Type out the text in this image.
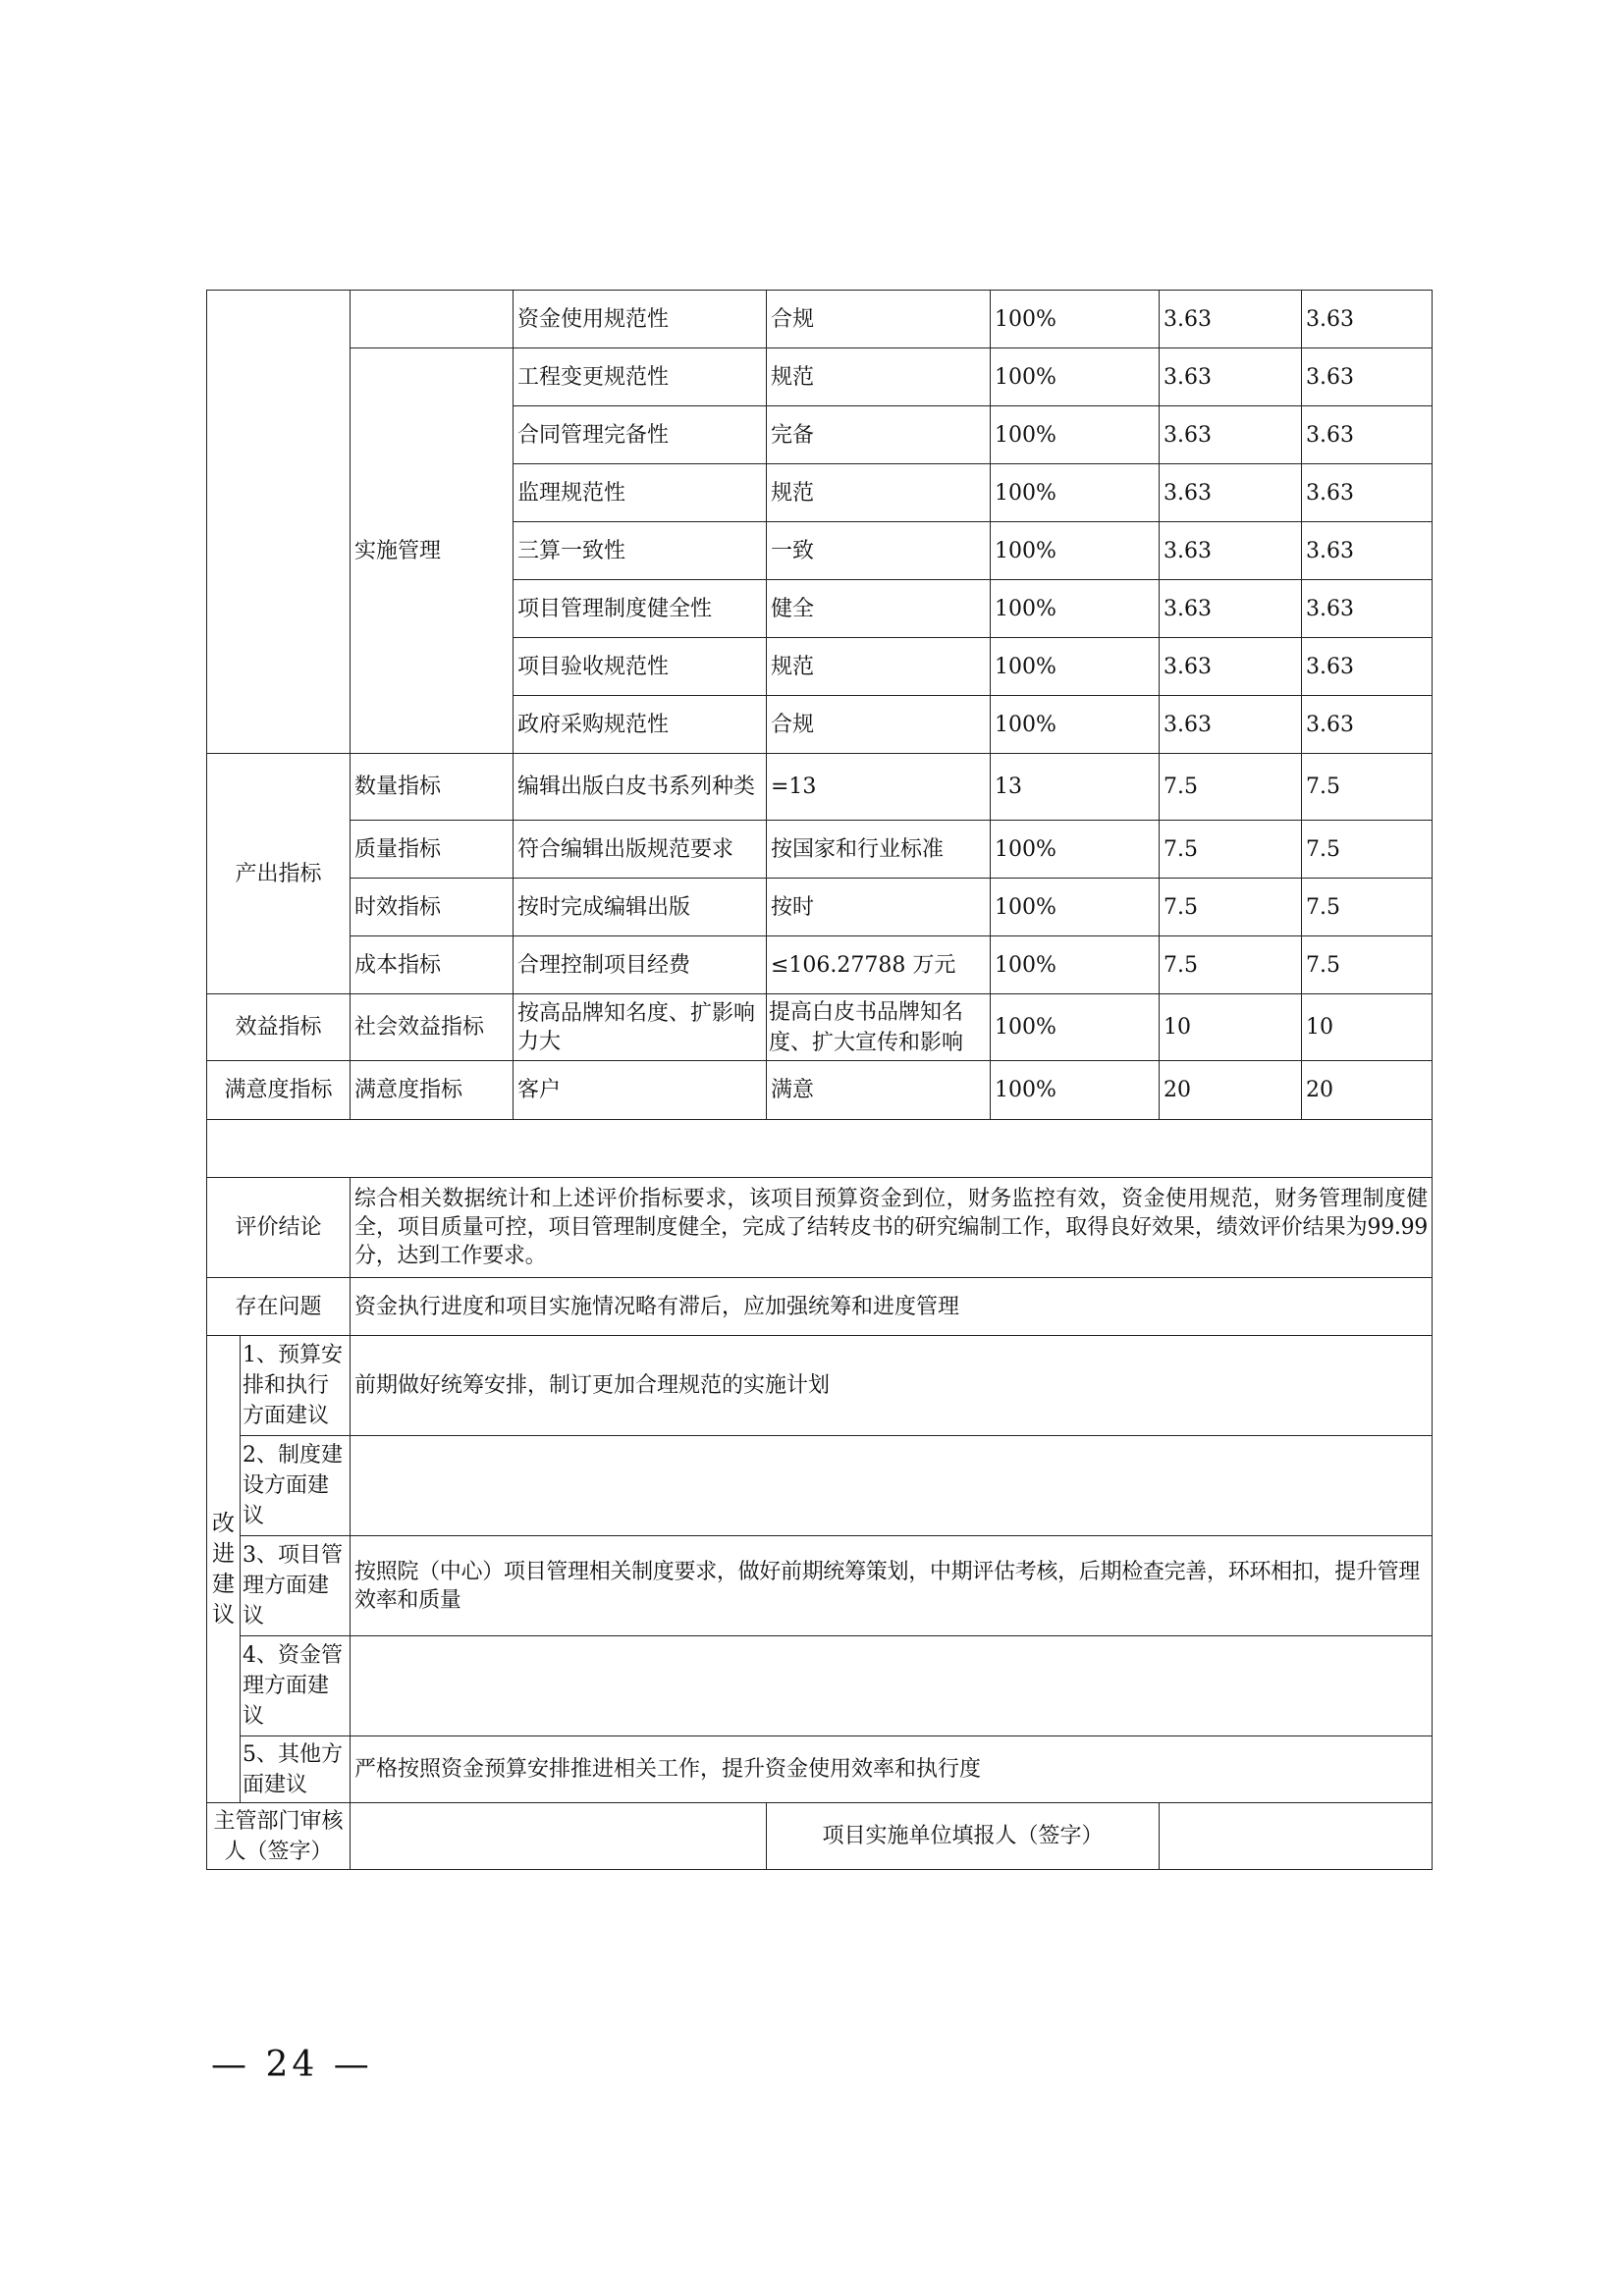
			资金使用规范性	合规	100%	3.63	3.63
		实施管理	工程变更规范性	规范	100%	3.63	3.63
			合同管理完备性	完备	100%	3.63	3.63
			监理规范性	规范	100%	3.63	3.63
			三算一致性	一致	100%	3.63	3.63
			项目管理制度健全性	健全	100%	3.63	3.63
			项目验收规范性	规范	100%	3.63	3.63
			政府采购规范性	合规	100%	3.63	3.63
产出指标		数量指标	编辑出版白皮书系列种类	=13	13	7.5	7.5
		质量指标	符合编辑出版规范要求	按国家和行业标准	100%	7.5	7.5
		时效指标	按时完成编辑出版	按时	100%	7.5	7.5
		成本指标	合理控制项目经费	≤106.27788 万元	100%	7.5	7.5
效益指标		社会效益指标	按高品牌知名度、扩影响力大	提高白皮书品牌知名度、扩大宣传和影响	100%	10	10
满意度指标		满意度指标	客户	满意	100%	20	20

评价结论		综合相关数据统计和上述评价指标要求，该项目预算资金到位，财务监控有效，资金使用规范，财务管理制度健全，项目质量可控，项目管理制度健全，完成了结转皮书的研究编制工作，取得良好效果，绩效评价结果为99.99分，达到工作要求。					
存在问题		资金执行进度和项目实施情况略有滞后，应加强统筹和进度管理					
改
进
建
议	1、预算安排和执行方面建议	前期做好统筹安排，制订更加合理规范的实施计划					
	2、制度建设方面建议						
	3、项目管理方面建议	按照院（中心）项目管理相关制度要求，做好前期统筹策划，中期评估考核，后期检查完善，环环相扣，提升管理效率和质量					
	4、资金管理方面建议						
	5、其他方面建议	严格按照资金预算安排推进相关工作，提升资金使用效率和执行度					
主管部门审核人（签字）				项目实施单位填报人（签字）			
— 24 —
